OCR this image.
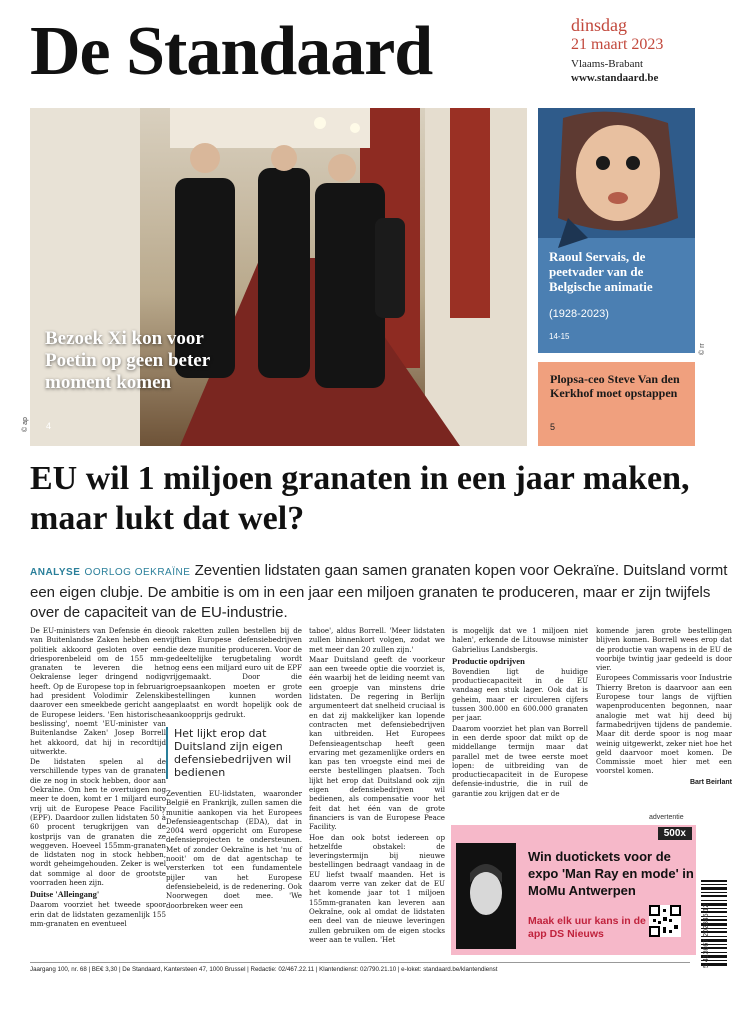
De Standaard	dinsdag
21 maart 2023
Vlaams-Brabant
www.standaard.be
Bezoek Xi kon voor Poetin op geen beter moment komen
4
© ap
Raoul Servais, de peetvader van de Belgische animatie
(1928-2023)
14-15
© rr
Plopsa-ceo Steve Van den Kerkhof moet opstappen
5
EU wil 1 miljoen granaten in een jaar maken, maar lukt dat wel?
ANALYSE OORLOG OEKRAÏNE Zeventien lidstaten gaan samen granaten kopen voor Oekraïne. Duitsland vormt een eigen clubje. De ambitie is om in een jaar een miljoen granaten te produceren, maar er zijn twijfels over de capaciteit van de EU-industrie.

De EU-ministers van Defensie én die van Buitenlandse Zaken hebben een politiek akkoord gesloten over een driesporenbeleid om de 155 mm-granaten te leveren die het Oekraïense leger dringend nodig heeft. Op de Europese top in februari had president Volodimir Zelenski daarover een smeekbede gericht aan de Europese leiders. 'Een historische beslissing', noemt 'EU-minister van Buitenlandse Zaken' Josep Borrell het akkoord, dat hij in recordtijd uitwerkte.

De lidstaten spelen al de verschillende types van de granaten die ze nog in stock hebben, door aan Oekraïne. Om hen te overtuigen nog meer te doen, komt er 1 miljard euro vrij uit de Europese Peace Facility (EPF). Daardoor zullen lidstaten 50 à 60 procent terugkrijgen van de kostprijs van de granaten die ze weggeven. Hoeveel 155mm-granaten de lidstaten nog in stock hebben, wordt geheimgehouden. Zeker is wel dat sommige al door de grootste voorraden heen zijn.

Duitse 'Alleingang'

Daarom voorziet het tweede spoor erin dat de lidstaten gezamenlijk 155 mm-granaten en eventueel

ook raketten zullen bestellen bij de vijftien Europese defensiebedrijven die deze munitie produceren. Voor de gedeeltelijke terugbetaling wordt nog eens een miljard euro uit de EPF vrijgemaakt. Door die groepsaankopen moeten er grote bestellingen kunnen worden geplaatst en wordt hopelijk ook de aankoopprijs gedrukt.

Het lijkt erop dat Duitsland zijn eigen defensiebedrijven wil bedienen

Zeventien EU-lidstaten, waaronder België en Frankrijk, zullen samen die munitie aankopen via het Europees Defensieagentschap (EDA), dat in 2004 werd opgericht om Europese defensieprojecten te ondersteunen. Met of zonder Oekraïne is het 'nu of nooit' om de dat agentschap te versterken tot een fundamentele pijler van het Europese defensiebeleid, is de redenering. Ook Noorwegen doet mee. 'We doorbreken weer een

taboe', aldus Borrell. 'Meer lidstaten zullen binnenkort volgen, zodat we met meer dan 20 zullen zijn.'

Maar Duitsland geeft de voorkeur aan een tweede optie die voorziet is, één waarbij het de leiding neemt van een groepje van minstens drie lidstaten. De regering in Berlijn argumenteert dat snelheid cruciaal is en dat zij makkelijker kan lopende contracten met defensiebedrijven kan uitbreiden. Het Europees Defensieagentschap heeft geen ervaring met gezamenlijke orders en kan pas ten vroegste eind mei de eerste bestellingen plaatsen. Toch lijkt het erop dat Duitsland ook zijn eigen defensiebedrijven wil bedienen, als compensatie voor het feit dat het één van de grote financiers is van de Europese Peace Facility.

Hoe dan ook botst iedereen op hetzelfde obstakel: de leveringstermijn bij nieuwe bestellingen bedraagt vandaag in de EU liefst twaalf maanden. Het is daarom verre van zeker dat de EU het komende jaar tot 1 miljoen 155mm-granaten kan leveren aan Oekraïne, ook al omdat de lidstaten een deel van de nieuwe leveringen zullen gebruiken om de eigen stocks weer aan te vullen. 'Het

is mogelijk dat we 1 miljoen niet halen', erkende de Litouwse minister Gabrielius Landsbergis.

Productie opdrijven

Bovendien ligt de huidige productiecapaciteit in de EU vandaag een stuk lager. Ook dat is geheim, maar er circuleren cijfers tussen 300.000 en 600.000 granaten per jaar.

Daarom voorziet het plan van Borrell in een derde spoor dat mikt op de middellange termijn maar dat parallel met de twee eerste moet lopen: de uitbreiding van de productiecapaciteit in de Europese defensie-industrie, die in ruil de garantie zou krijgen dat er de

komende jaren grote bestellingen blijven komen. Borrell wees erop dat de productie van wapens in de EU de voorbije twintig jaar gedeeld is door vier.

Europees Commissaris voor Industrie Thierry Breton is daarvoor aan een Europese tour langs de vijftien wapenproducenten begonnen, naar analogie met wat hij deed bij farmabedrijven tijdens de pandemie. Maar dit derde spoor is nog maar weinig uitgewerkt, zeker niet hoe het geld daarvoor moet komen. De Commissie moet hier met een voorstel komen.

Bart Beirlant
advertentie
500x
Win duotickets voor de expo 'Man Ray en mode' in MoMu Antwerpen
Maak elk uur kans in de app DS Nieuws	5 413667 202846 12
Jaargang 100, nr. 68 | BE€ 3,30 | De Standaard, Kantersteen 47, 1000 Brussel | Redactie: 02/467.22.11 | Klantendienst: 02/790.21.10 | e-loket: standaard.be/klantendienst
